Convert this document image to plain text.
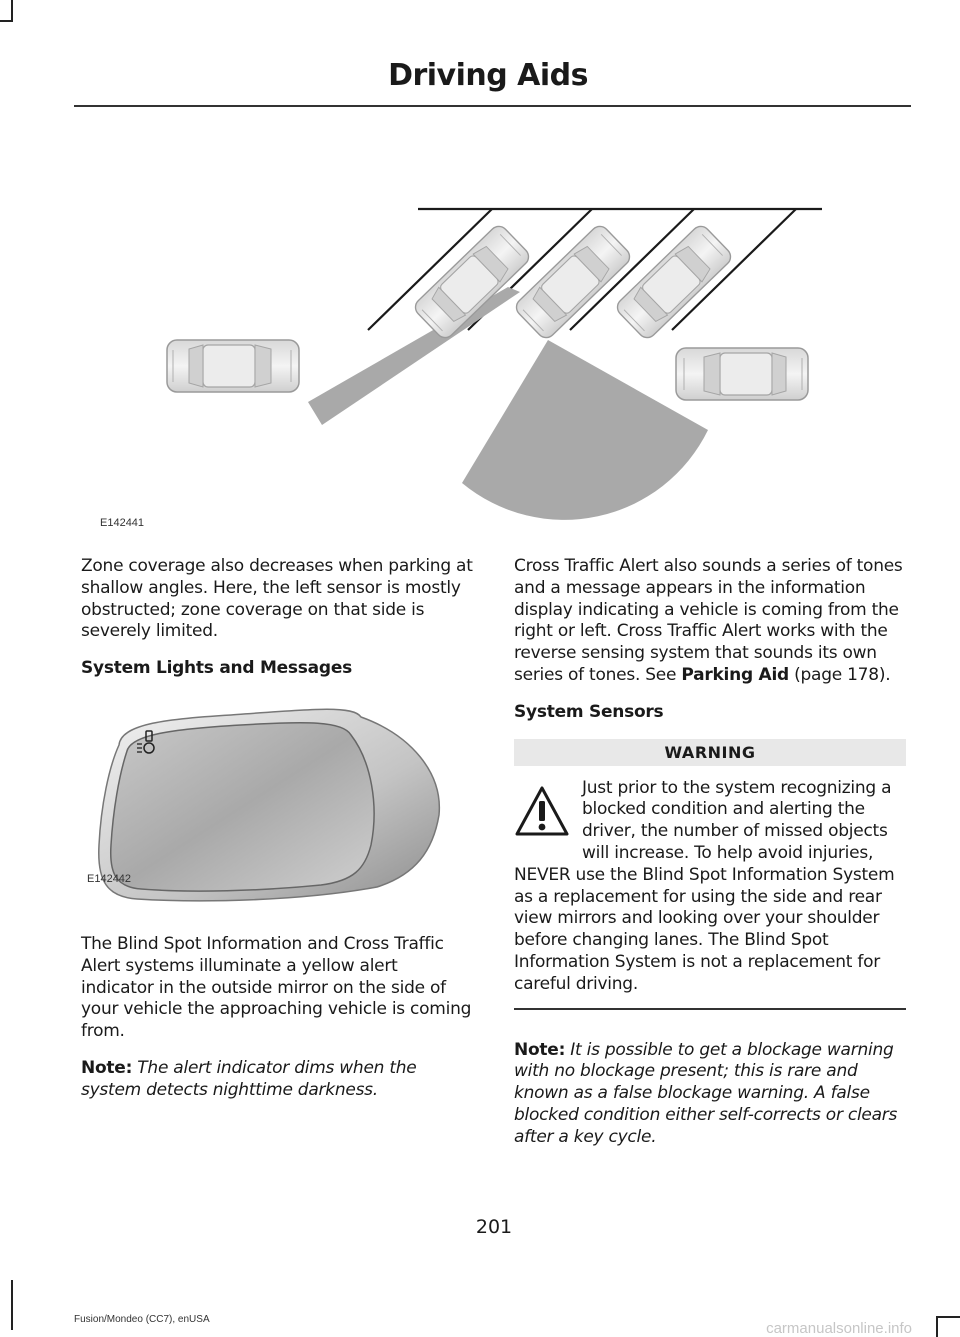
Driving Aids
E142441

Zone coverage also decreases when parking at shallow angles. Here, the left sensor is mostly obstructed; zone coverage on that side is severely limited.

System Lights and Messages

E142442

The Blind Spot Information and Cross Traffic Alert systems illuminate a yellow alert indicator in the outside mirror on the side of your vehicle the approaching vehicle is coming from.

Note: The alert indicator dims when the system detects nighttime darkness.

Cross Traffic Alert also sounds a series of tones and a message appears in the information display indicating a vehicle is coming from the right or left. Cross Traffic Alert works with the reverse sensing system that sounds its own series of tones. See Parking Aid (page 178).

System Sensors

WARNING

Just prior to the system recognizing a blocked condition and alerting the driver, the number of missed objects will increase. To help avoid injuries, NEVER use the Blind Spot Information System as a replacement for using the side and rear view mirrors and looking over your shoulder before changing lanes. The Blind Spot Information System is not a replacement for careful driving.

Note: It is possible to get a blockage warning with no blockage present; this is rare and known as a false blockage warning. A false blocked condition either self-corrects or clears after a key cycle.

201
Fusion/Mondeo (CC7), enUSA
carmanualsonline.info
